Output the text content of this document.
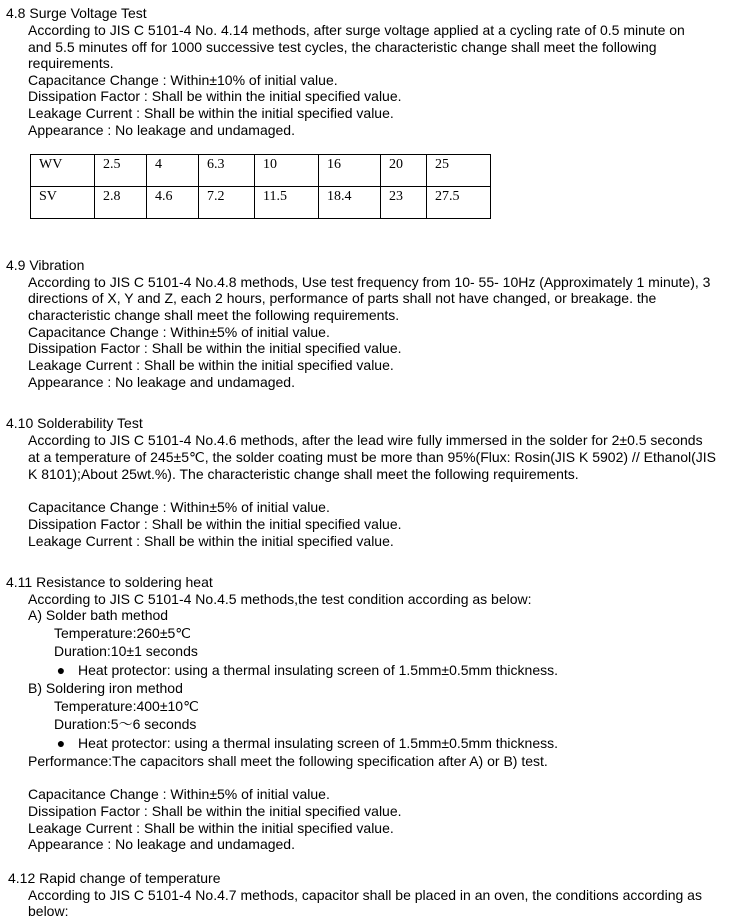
4.8 Surge Voltage Test
According to JIS C 5101-4 No. 4.14 methods, after surge voltage applied at a cycling rate of 0.5 minute on
and 5.5 minutes off for 1000 successive test cycles, the characteristic change shall meet the following
requirements.
Capacitance Change : Within±10% of initial value.
Dissipation Factor : Shall be within the initial specified value.
Leakage Current : Shall be within the initial specified value.
Appearance : No leakage and undamaged.
WV	2.5	4	6.3	10	16	20	25
SV	2.8	4.6	7.2	11.5	18.4	23	27.5
4.9 Vibration
According to JIS C 5101-4 No.4.8 methods, Use test frequency from 10- 55- 10Hz (Approximately 1 minute), 3
directions of X, Y and Z, each 2 hours, performance of parts shall not have changed, or breakage. the
characteristic change shall meet the following requirements.
Capacitance Change : Within±5% of initial value.
Dissipation Factor : Shall be within the initial specified value.
Leakage Current : Shall be within the initial specified value.
Appearance : No leakage and undamaged.
4.10 Solderability Test
According to JIS C 5101-4 No.4.6 methods, after the lead wire fully immersed in the solder for 2±0.5 seconds
at a temperature of 245±5℃, the solder coating must be more than 95%(Flux: Rosin(JIS K 5902) // Ethanol(JIS
K 8101);About 25wt.%). The characteristic change shall meet the following requirements.
Capacitance Change : Within±5% of initial value.
Dissipation Factor : Shall be within the initial specified value.
Leakage Current : Shall be within the initial specified value.
4.11 Resistance to soldering heat
According to JIS C 5101-4 No.4.5 methods,the test condition according as below:
A) Solder bath method
Temperature:260±5℃
Duration:10±1 seconds
● Heat protector: using a thermal insulating screen of 1.5mm±0.5mm thickness.
B) Soldering iron method
Temperature:400±10℃
Duration:5～6 seconds
● Heat protector: using a thermal insulating screen of 1.5mm±0.5mm thickness.
Performance:The capacitors shall meet the following specification after A) or B) test.
Capacitance Change : Within±5% of initial value.
Dissipation Factor : Shall be within the initial specified value.
Leakage Current : Shall be within the initial specified value.
Appearance : No leakage and undamaged.
4.12 Rapid change of temperature
According to JIS C 5101-4 No.4.7 methods, capacitor shall be placed in an oven, the conditions according as
below:
